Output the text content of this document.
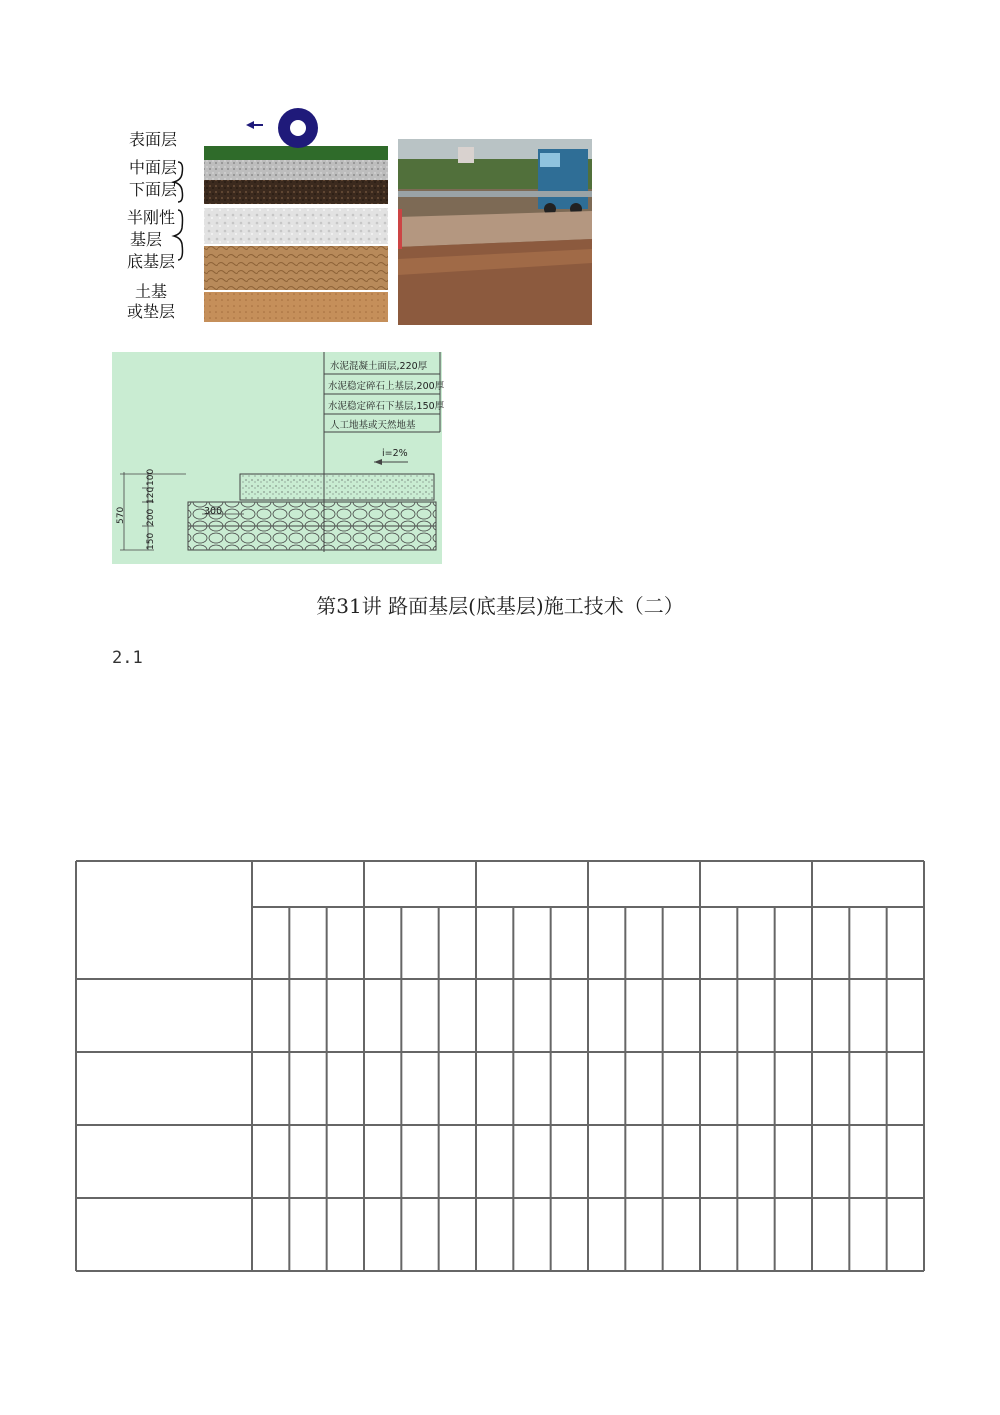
表面层
中面层
下面层
半刚性
基层
底基层
土基
或垫层
水泥混凝土面层,220厚
水泥稳定碎石上基层,200厚
水泥稳定碎石下基层,150厚
人工地基或天然地基
i=2%
300
570
100
120
200
150
第31讲 路面基层(底基层)施工技术（二）
2.1
